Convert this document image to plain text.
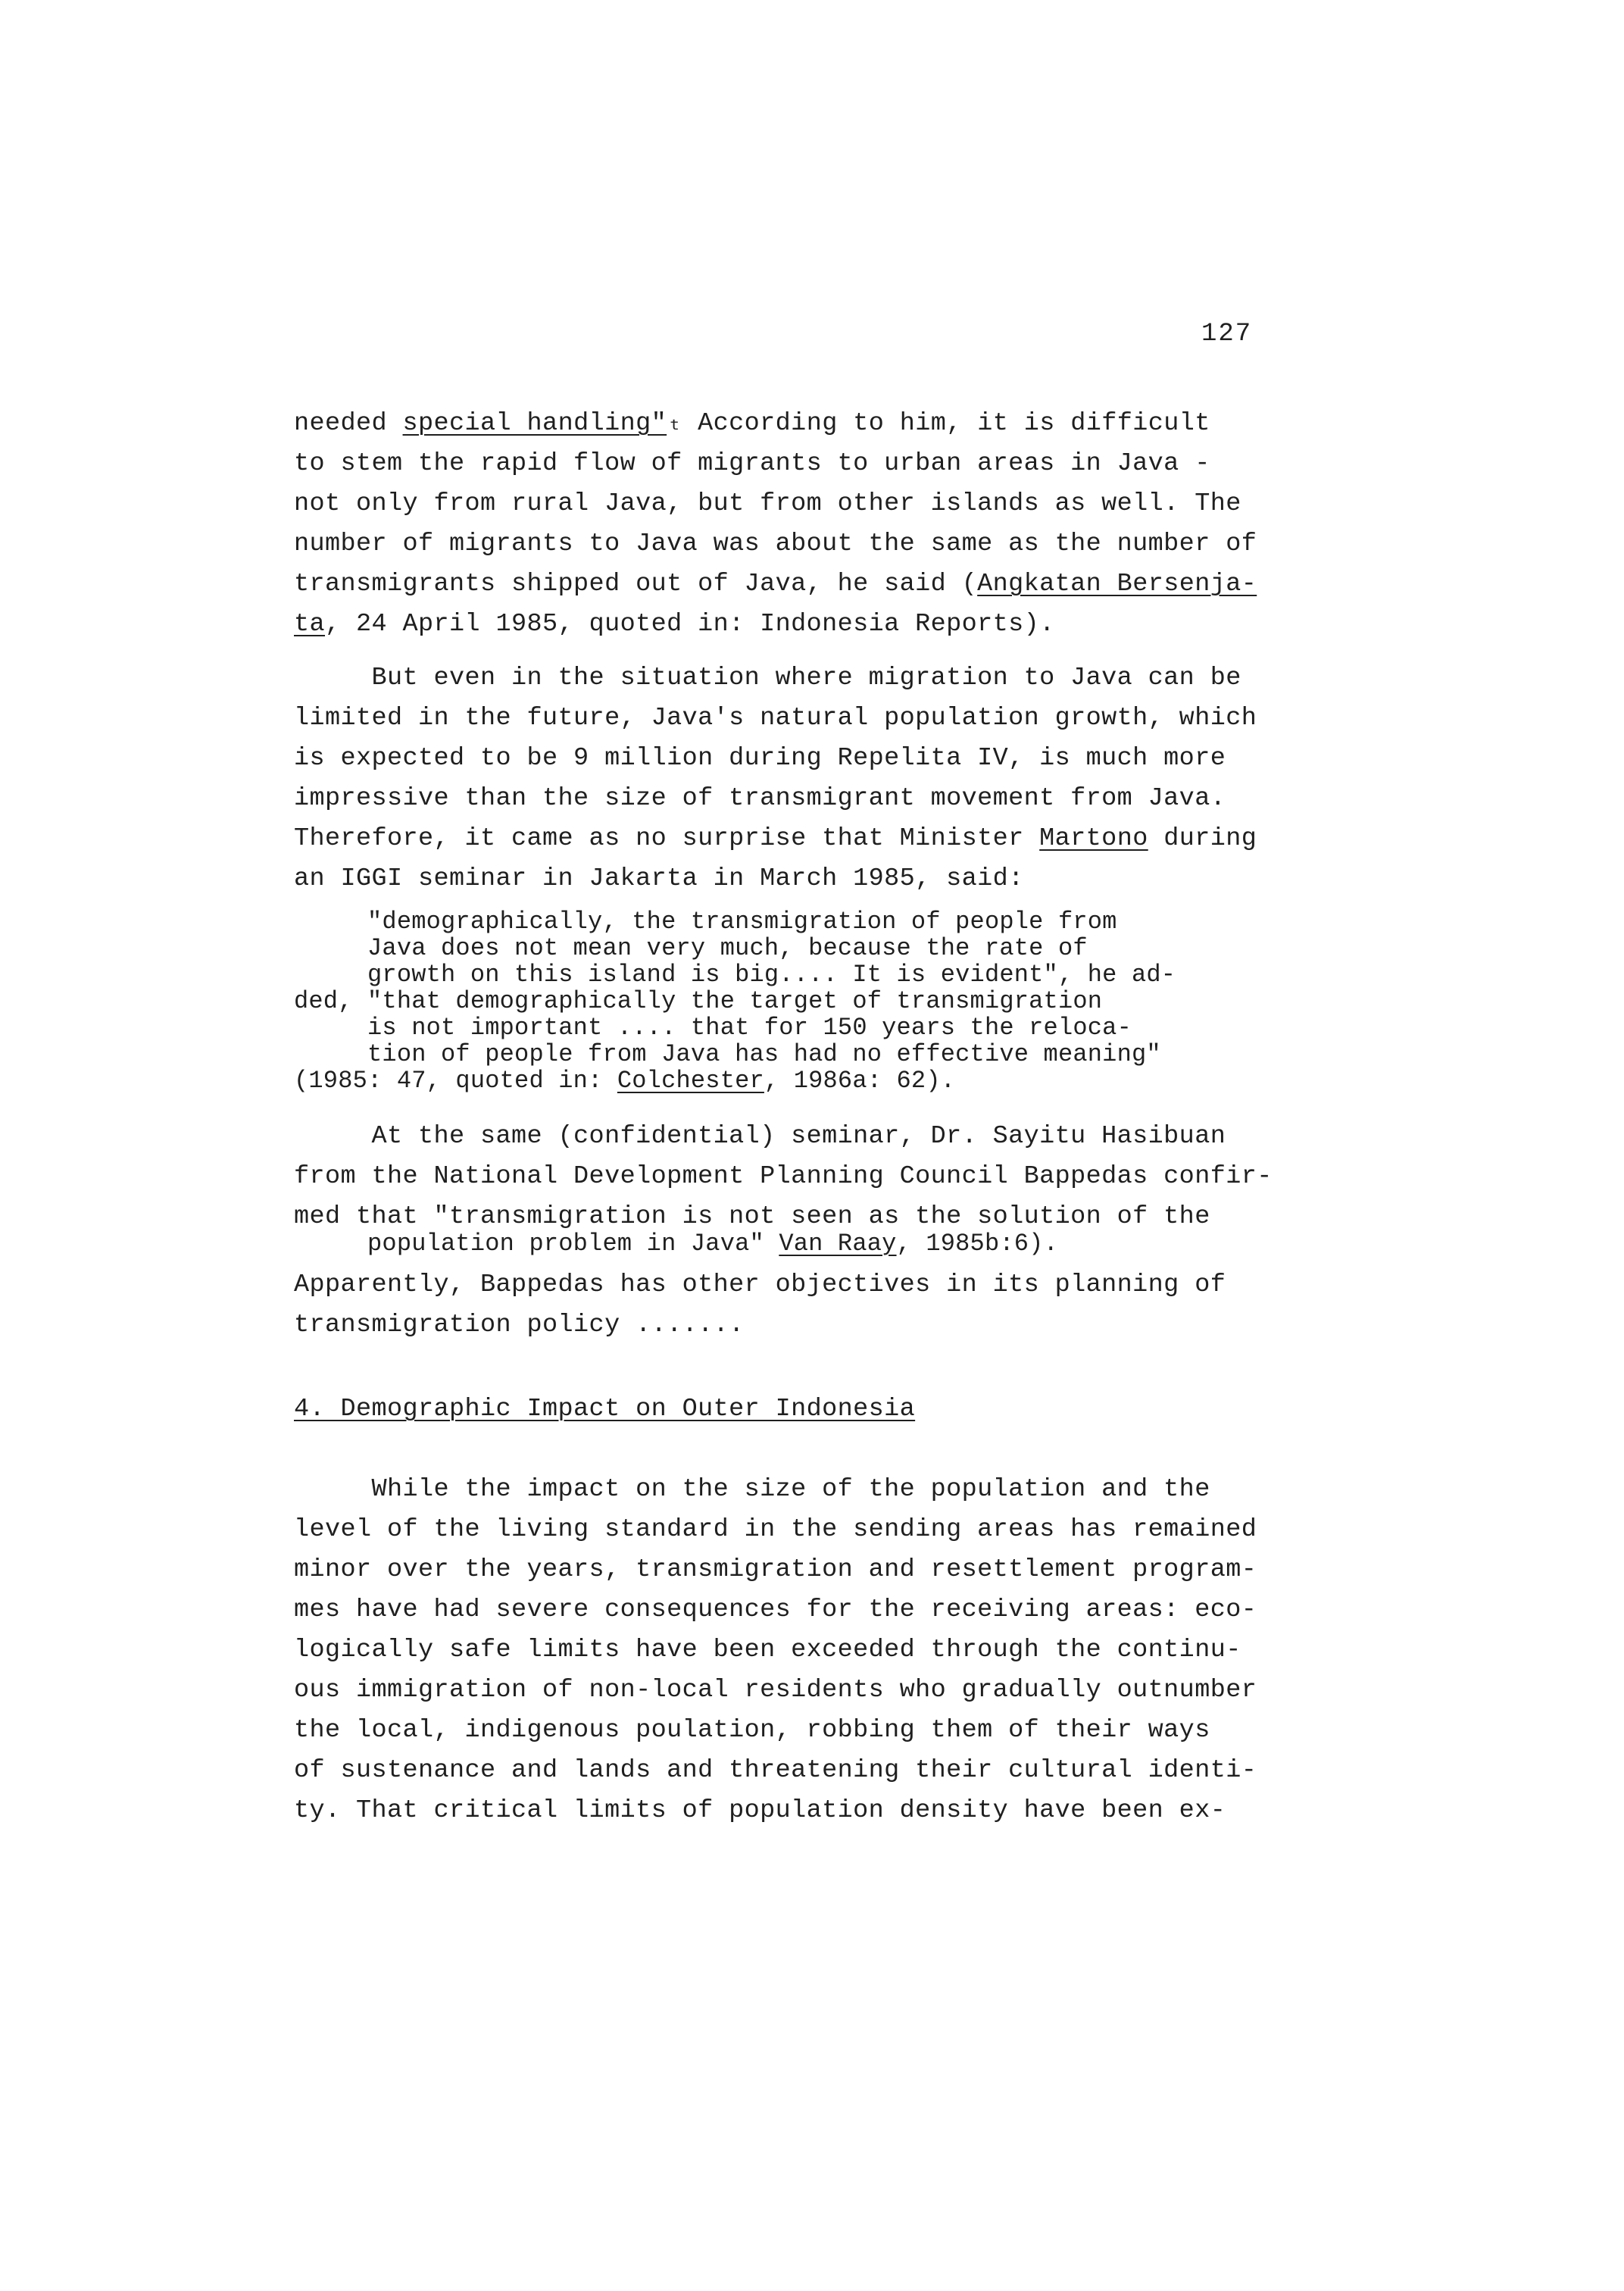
127
needed special handling"ₜ According to him, it is difficult
to stem the rapid flow of migrants to urban areas in Java -
not only from rural Java, but from other islands as well. The
number of migrants to Java was about the same as the number of
transmigrants shipped out of Java, he said (Angkatan Bersenja-
ta, 24 April 1985, quoted in: Indonesia Reports).
But even in the situation where migration to Java can be
limited in the future, Java's natural population growth, which
is expected to be 9 million during Repelita IV, is much more
impressive than the size of transmigrant movement from Java.
Therefore, it came as no surprise that Minister Martono during
an IGGI seminar in Jakarta in March 1985, said:
"demographically, the transmigration of people from
Java does not mean very much, because the rate of
growth on this island is big.... It is evident", he ad-
ded, "that demographically the target of transmigration
is not important .... that for 150 years the reloca-
tion of people from Java has had no effective meaning"
(1985: 47, quoted in: Colchester, 1986a: 62).
At the same (confidential) seminar, Dr. Sayitu Hasibuan
from the National Development Planning Council Bappedas confir-
med that "transmigration is not seen as the solution of the
population problem in Java" Van Raay, 1985b:6).
Apparently, Bappedas has other objectives in its planning of
transmigration policy .......
4. Demographic Impact on Outer Indonesia
While the impact on the size of the population and the
level of the living standard in the sending areas has remained
minor over the years, transmigration and resettlement program-
mes have had severe consequences for the receiving areas: eco-
logically safe limits have been exceeded through the continu-
ous immigration of non-local residents who gradually outnumber
the local, indigenous poulation, robbing them of their ways
of sustenance and lands and threatening their cultural identi-
ty. That critical limits of population density have been ex-
